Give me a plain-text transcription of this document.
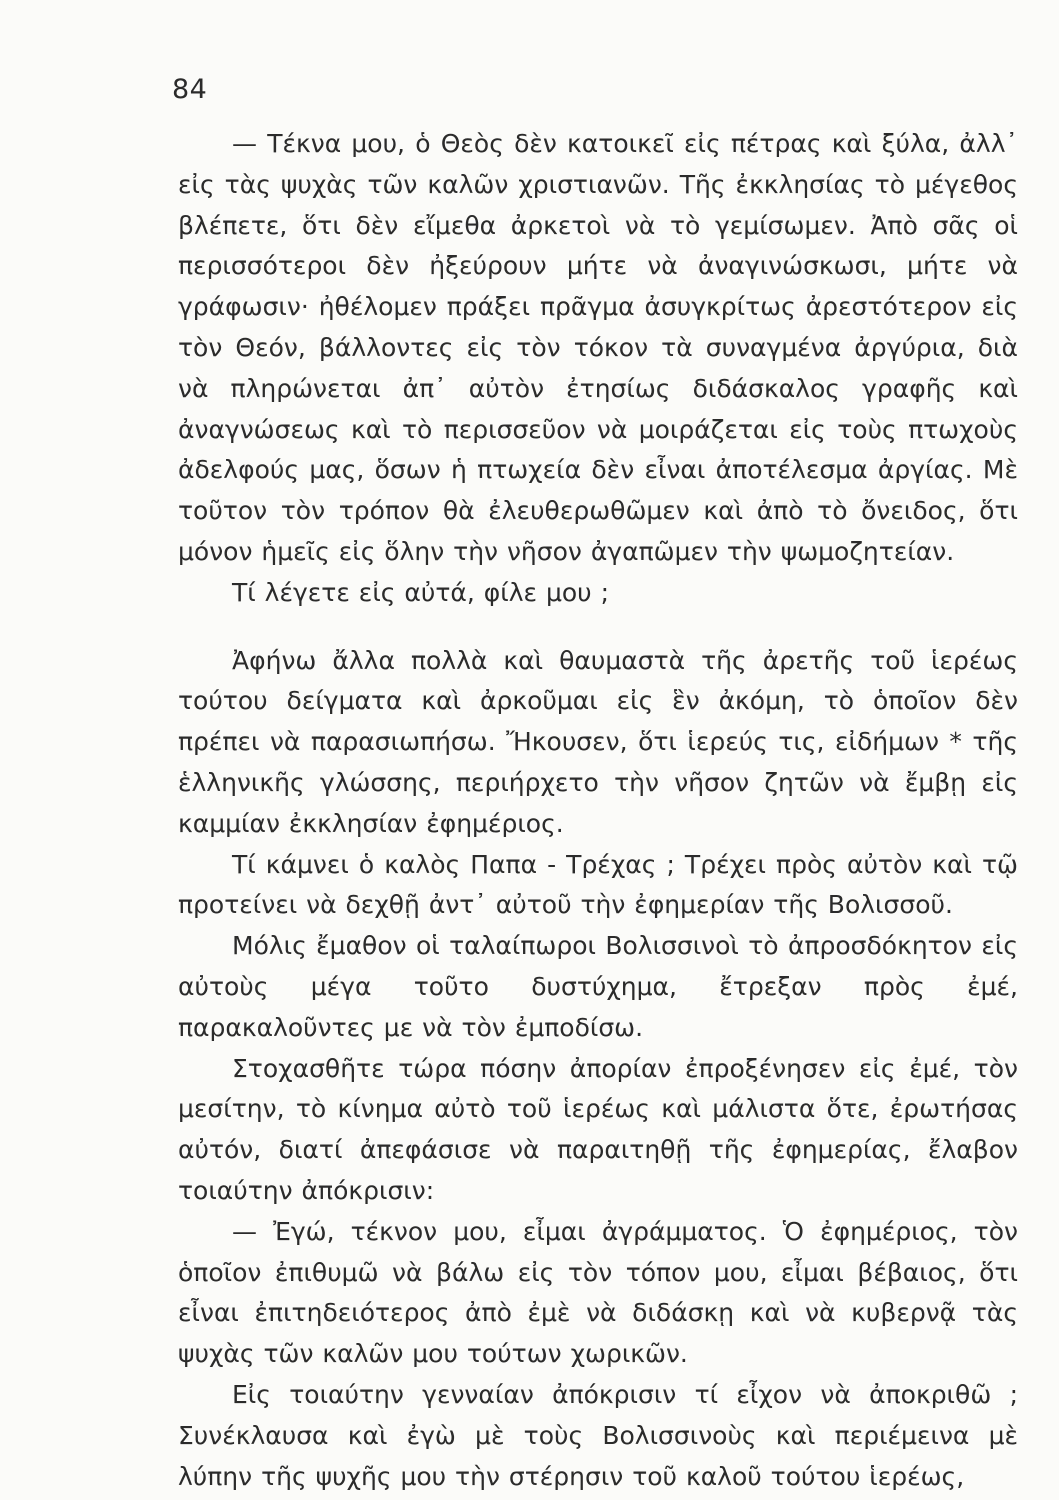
84

— Τέκνα μου, ὁ Θεὸς δὲν κατοικεῖ εἰς πέτρας καὶ ξύλα, ἀλλ᾿ εἰς τὰς ψυχὰς τῶν καλῶν χριστιανῶν. Τῆς ἐκκλησίας τὸ μέγεθος βλέπετε, ὅτι δὲν εἴμεθα ἀρκετοὶ νὰ τὸ γεμίσωμεν. Ἀπὸ σᾶς οἱ περισσότεροι δὲν ἠξεύρουν μήτε νὰ ἀναγινώσκωσι, μήτε νὰ γράφωσιν· ἠθέλομεν πράξει πρᾶγμα ἀσυγκρίτως ἀρεστότερον εἰς τὸν Θεόν, βάλλοντες εἰς τὸν τόκον τὰ συναγμένα ἀργύρια, διὰ νὰ πληρώνεται ἀπ᾿ αὐτὸν ἐτησίως διδάσκαλος γραφῆς καὶ ἀναγνώσεως καὶ τὸ περισσεῦον νὰ μοιράζεται εἰς τοὺς πτωχοὺς ἀδελφούς μας, ὅσων ἡ πτωχεία δὲν εἶναι ἀποτέλεσμα ἀργίας. Μὲ τοῦτον τὸν τρόπον θὰ ἐλευθερωθῶμεν καὶ ἀπὸ τὸ ὄνειδος, ὅτι μόνον ἡμεῖς εἰς ὅλην τὴν νῆσον ἀγαπῶμεν τὴν ψωμοζητείαν.

Τί λέγετε εἰς αὐτά, φίλε μου ;

Ἀφήνω ἄλλα πολλὰ καὶ θαυμαστὰ τῆς ἀρετῆς τοῦ ἱερέως τούτου δείγματα καὶ ἀρκοῦμαι εἰς ἓν ἀκόμη, τὸ ὁποῖον δὲν πρέπει νὰ παρασιωπήσω. Ἤκουσεν, ὅτι ἱερεύς τις, εἰδήμων * τῆς ἑλληνικῆς γλώσσης, περιήρχετο τὴν νῆσον ζητῶν νὰ ἔμβῃ εἰς καμμίαν ἐκκλησίαν ἐφημέριος.

Τί κάμνει ὁ καλὸς Παπα - Τρέχας ; Τρέχει πρὸς αὐτὸν καὶ τῷ προτείνει νὰ δεχθῇ ἀντ᾿ αὐτοῦ τὴν ἐφημερίαν τῆς Βολισσοῦ.

Μόλις ἔμαθον οἱ ταλαίπωροι Βολισσινοὶ τὸ ἀπροσδόκητον εἰς αὐτοὺς μέγα τοῦτο δυστύχημα, ἔτρεξαν πρὸς ἐμέ, παρακαλοῦντες με νὰ τὸν ἐμποδίσω.

Στοχασθῆτε τώρα πόσην ἀπορίαν ἐπροξένησεν εἰς ἐμέ, τὸν μεσίτην, τὸ κίνημα αὐτὸ τοῦ ἱερέως καὶ μάλιστα ὅτε, ἐρωτήσας αὐτόν, διατί ἀπεφάσισε νὰ παραιτηθῇ τῆς ἐφημερίας, ἔλαβον τοιαύτην ἀπόκρισιν:

— Ἐγώ, τέκνον μου, εἶμαι ἀγράμματος. Ὁ ἐφημέριος, τὸν ὁποῖον ἐπιθυμῶ νὰ βάλω εἰς τὸν τόπον μου, εἶμαι βέβαιος, ὅτι εἶναι ἐπιτηδειότερος ἀπὸ ἐμὲ νὰ διδάσκῃ καὶ νὰ κυβερνᾷ τὰς ψυχὰς τῶν καλῶν μου τούτων χωρικῶν.

Εἰς τοιαύτην γενναίαν ἀπόκρισιν τί εἶχον νὰ ἀποκριθῶ ; Συνέκλαυσα καὶ ἐγὼ μὲ τοὺς Βολισσινοὺς καὶ περιέμεινα μὲ λύπην τῆς ψυχῆς μου τὴν στέρησιν τοῦ καλοῦ τούτου ἱερέως,
